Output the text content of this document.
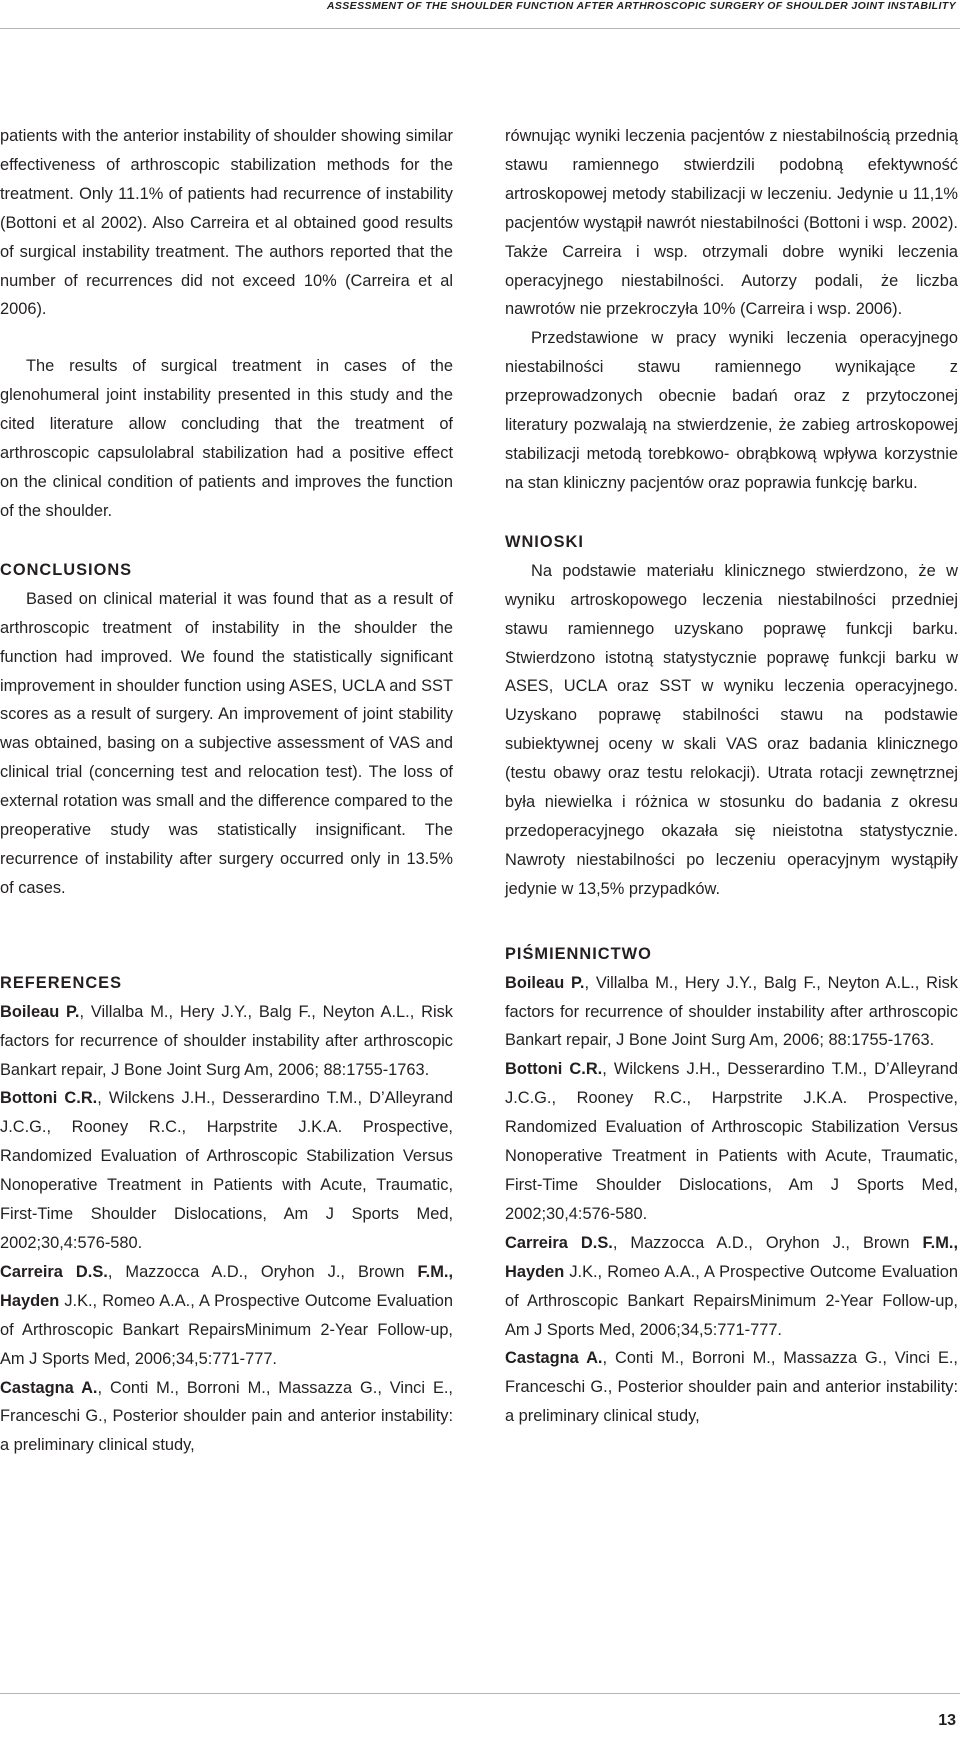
ASSESSMENT OF THE SHOULDER FUNCTION AFTER ARTHROSCOPIC SURGERY OF SHOULDER JOINT INSTABILITY

patients with the anterior instability of shoulder showing similar effectiveness of arthroscopic stabilization methods for the treatment. Only 11.1% of patients had recurrence of instability (Bottoni et al 2002). Also Carreira et al obtained good results of surgical instability treatment. The authors reported that the number of recurrences did not exceed 10% (Carreira et al 2006).

The results of surgical treatment in cases of the glenohumeral joint instability presented in this study and the cited literature allow concluding that the treatment of arthroscopic capsulolabral stabilization had a positive effect on the clinical condition of patients and improves the function of the shoulder.

CONCLUSIONS

Based on clinical material it was found that as a result of arthroscopic treatment of instability in the shoulder the function had improved. We found the statistically significant improvement in shoulder function using ASES, UCLA and SST scores as a result of surgery. An improvement of joint stability was obtained, basing on a subjective assessment of VAS and clinical trial (concerning test and relocation test). The loss of external rotation was small and the difference compared to the preoperative study was statistically insignificant. The recurrence of instability after surgery occurred only in 13.5% of cases.

REFERENCES

Boileau P., Villalba M., Hery J.Y., Balg F., Neyton A.L., Risk factors for recurrence of shoulder instability after arthroscopic Bankart repair, J Bone Joint Surg Am, 2006; 88:1755-1763.

Bottoni C.R., Wilckens J.H., Desserardino T.M., D’Alleyrand J.C.G., Rooney R.C., Harpstrite J.K.A. Prospective, Randomized Evaluation of Arthroscopic Stabilization Versus Nonoperative Treatment in Patients with Acute, Traumatic, First-Time Shoulder Dislocations, Am J Sports Med, 2002;30,4:576-580.

Carreira D.S., Mazzocca A.D., Oryhon J., Brown F.M., Hayden J.K., Romeo A.A., A Prospective Outcome Evaluation of Arthroscopic Bankart RepairsMinimum 2-Year Follow-up, Am J Sports Med, 2006;34,5:771-777.

Castagna A., Conti M., Borroni M., Massazza G., Vinci E., Franceschi G., Posterior shoulder pain and anterior instability: a preliminary clinical study,

równując wyniki leczenia pacjentów z niestabilnością przednią stawu ramiennego stwierdzili podobną efektywność artroskopowej metody stabilizacji w leczeniu. Jedynie u 11,1% pacjentów wystąpił nawrót niestabilności (Bottoni i wsp. 2002). Także Carreira i wsp. otrzymali dobre wyniki leczenia operacyjnego niestabilności. Autorzy podali, że liczba nawrotów nie przekroczyła 10% (Carreira i wsp. 2006).

Przedstawione w pracy wyniki leczenia operacyjnego niestabilności stawu ramiennego wynikające z przeprowadzonych obecnie badań oraz z przytoczonej literatury pozwalają na stwierdzenie, że zabieg artroskopowej stabilizacji metodą torebkowo- obrąbkową wpływa korzystnie na stan kliniczny pacjentów oraz poprawia funkcję barku.

WNIOSKI

Na podstawie materiału klinicznego stwierdzono, że w wyniku artroskopowego leczenia niestabilności przedniej stawu ramiennego uzyskano poprawę funkcji barku. Stwierdzono istotną statystycznie poprawę funkcji barku w ASES, UCLA oraz SST w wyniku leczenia operacyjnego. Uzyskano poprawę stabilności stawu na podstawie subiektywnej oceny w skali VAS oraz badania klinicznego (testu obawy oraz testu relokacji). Utrata rotacji zewnętrznej była niewielka i różnica w stosunku do badania z okresu przedoperacyjnego okazała się nieistotna statystycznie. Nawroty niestabilności po leczeniu operacyjnym wystąpiły jedynie w 13,5% przypadków.

PIŚMIENNICTWO

Boileau P., Villalba M., Hery J.Y., Balg F., Neyton A.L., Risk factors for recurrence of shoulder instability after arthroscopic Bankart repair, J Bone Joint Surg Am, 2006; 88:1755-1763.

Bottoni C.R., Wilckens J.H., Desserardino T.M., D’Alleyrand J.C.G., Rooney R.C., Harpstrite J.K.A. Prospective, Randomized Evaluation of Arthroscopic Stabilization Versus Nonoperative Treatment in Patients with Acute, Traumatic, First-Time Shoulder Dislocations, Am J Sports Med, 2002;30,4:576-580.

Carreira D.S., Mazzocca A.D., Oryhon J., Brown F.M., Hayden J.K., Romeo A.A., A Prospective Outcome Evaluation of Arthroscopic Bankart RepairsMinimum 2-Year Follow-up, Am J Sports Med, 2006;34,5:771-777.

Castagna A., Conti M., Borroni M., Massazza G., Vinci E., Franceschi G., Posterior shoulder pain and anterior instability: a preliminary clinical study,

13
